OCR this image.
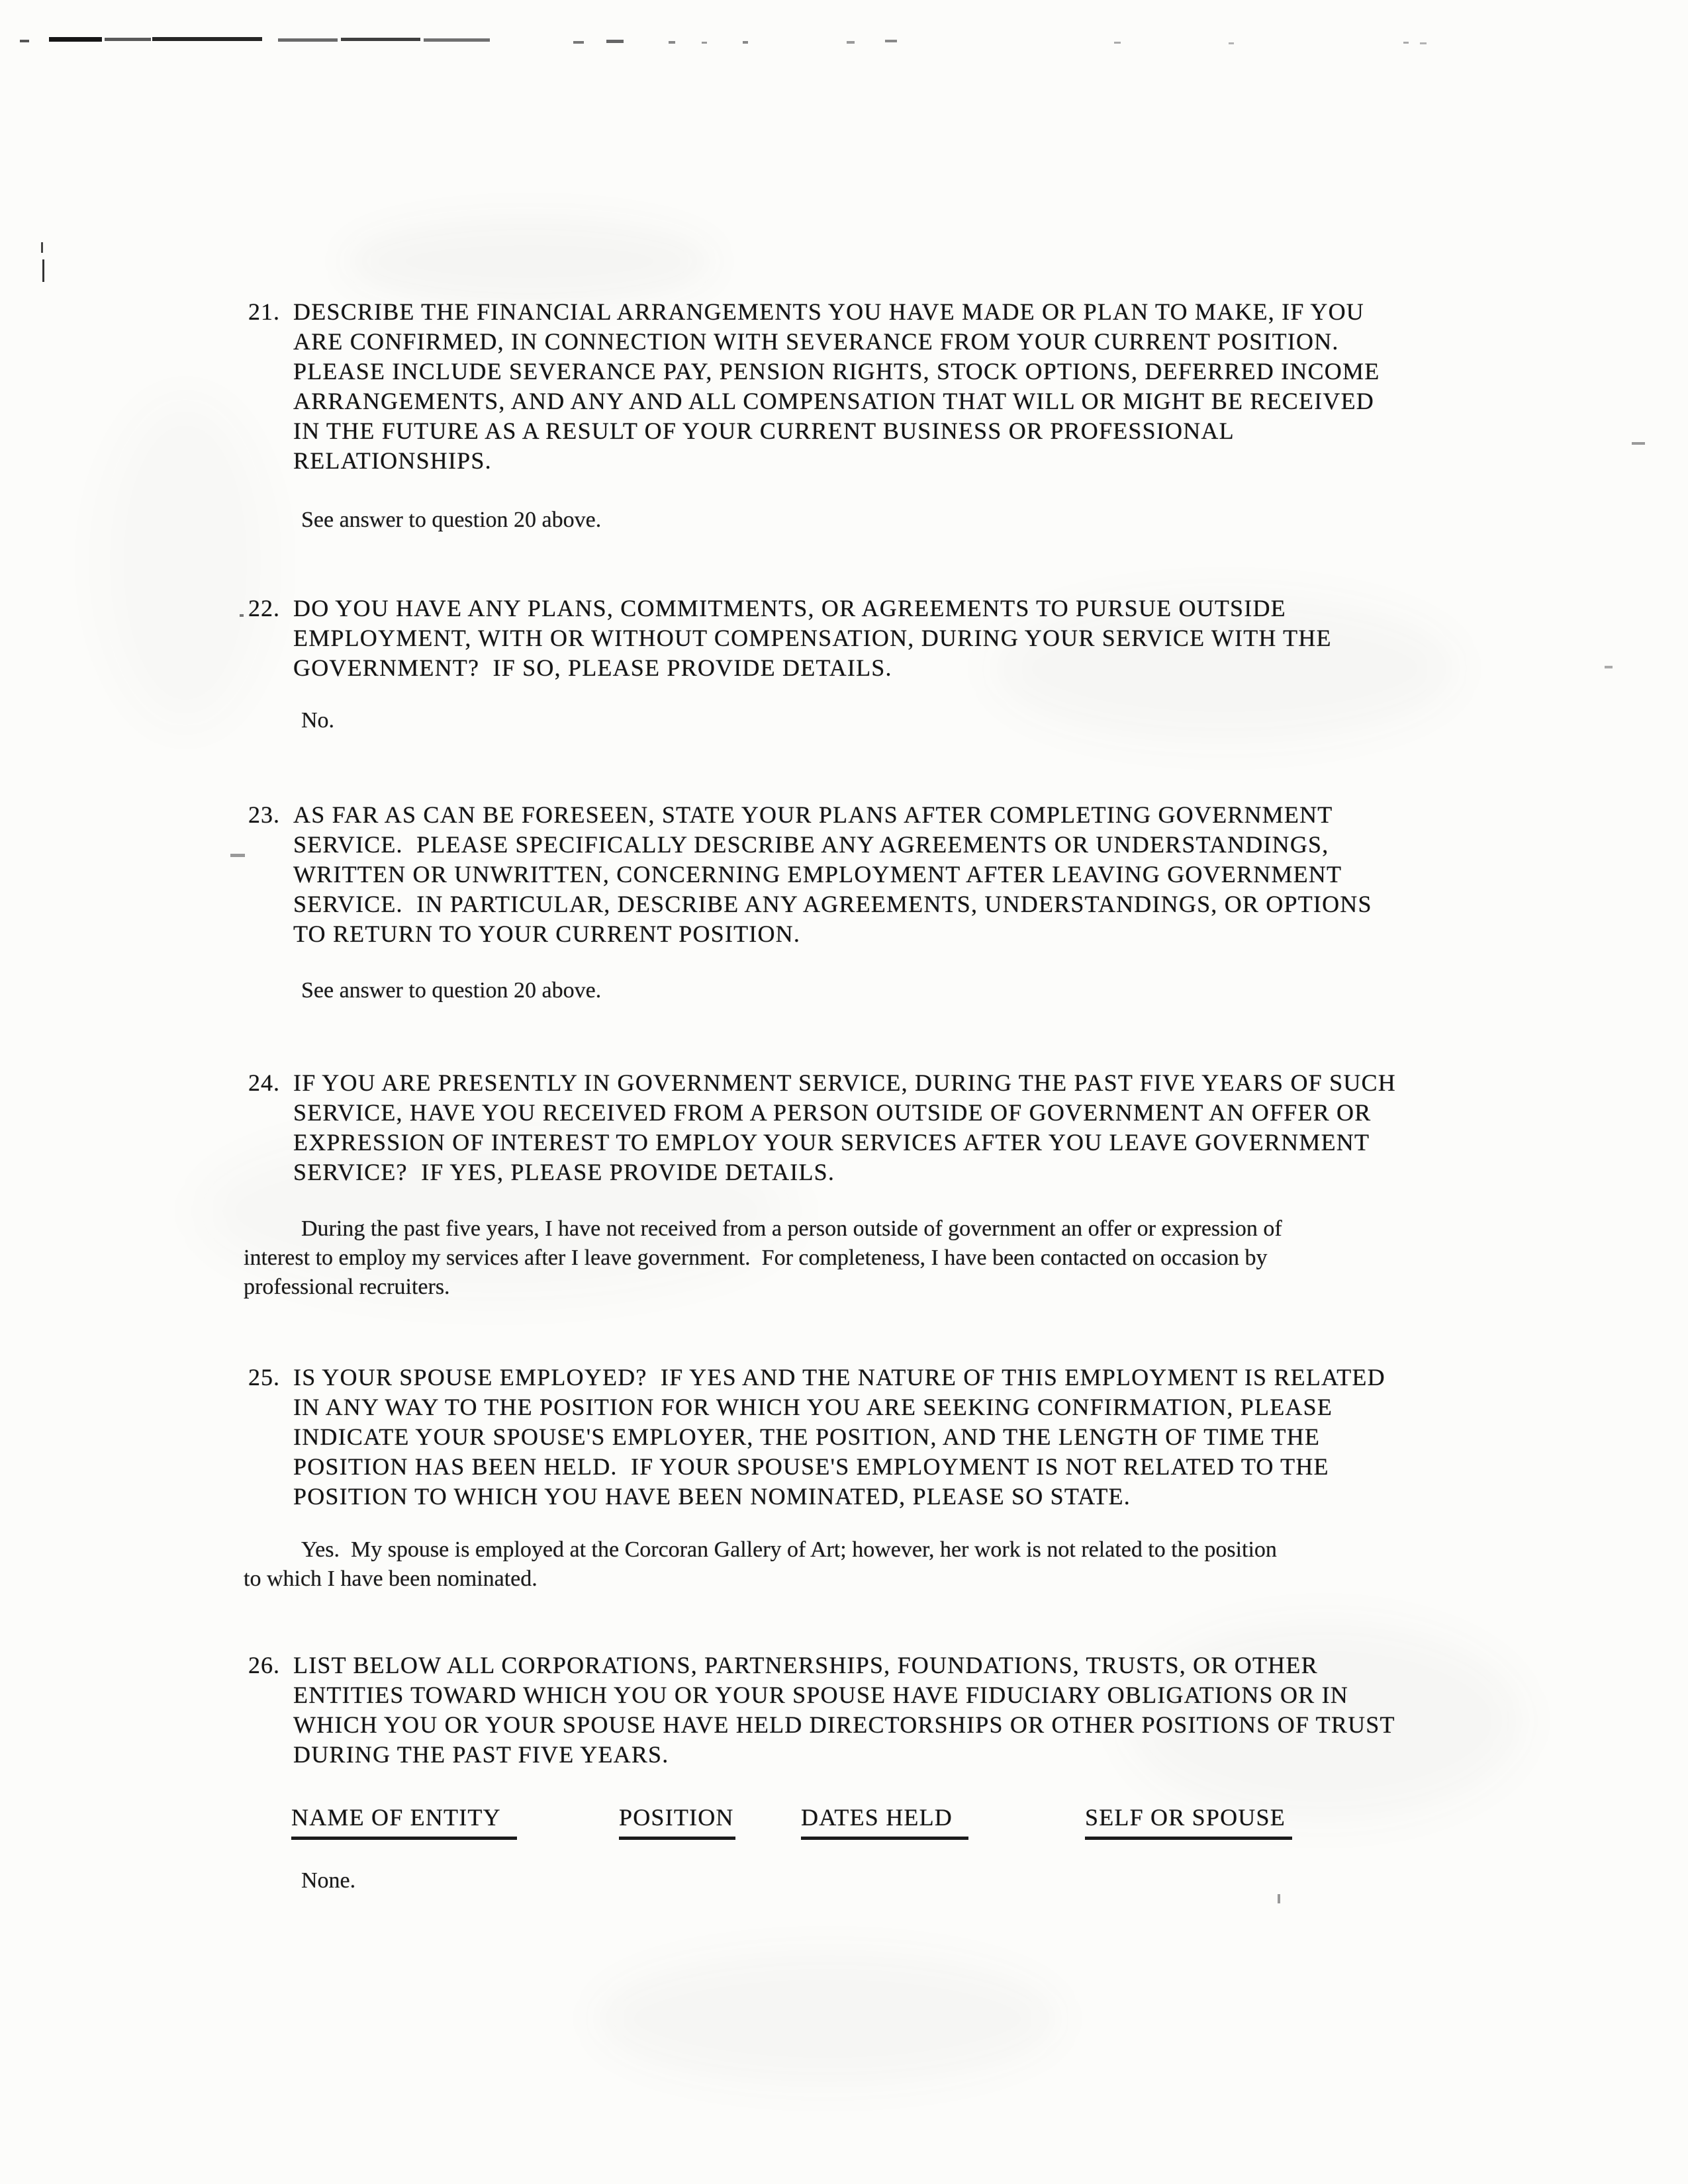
21. DESCRIBE THE FINANCIAL ARRANGEMENTS YOU HAVE MADE OR PLAN TO MAKE, IF YOU
ARE CONFIRMED, IN CONNECTION WITH SEVERANCE FROM YOUR CURRENT POSITION.
PLEASE INCLUDE SEVERANCE PAY, PENSION RIGHTS, STOCK OPTIONS, DEFERRED INCOME
ARRANGEMENTS, AND ANY AND ALL COMPENSATION THAT WILL OR MIGHT BE RECEIVED
IN THE FUTURE AS A RESULT OF YOUR CURRENT BUSINESS OR PROFESSIONAL
RELATIONSHIPS.
See answer to question 20 above.
22. DO YOU HAVE ANY PLANS, COMMITMENTS, OR AGREEMENTS TO PURSUE OUTSIDE
EMPLOYMENT, WITH OR WITHOUT COMPENSATION, DURING YOUR SERVICE WITH THE
GOVERNMENT?  IF SO, PLEASE PROVIDE DETAILS.
No.
23. AS FAR AS CAN BE FORESEEN, STATE YOUR PLANS AFTER COMPLETING GOVERNMENT
SERVICE.  PLEASE SPECIFICALLY DESCRIBE ANY AGREEMENTS OR UNDERSTANDINGS,
WRITTEN OR UNWRITTEN, CONCERNING EMPLOYMENT AFTER LEAVING GOVERNMENT
SERVICE.  IN PARTICULAR, DESCRIBE ANY AGREEMENTS, UNDERSTANDINGS, OR OPTIONS
TO RETURN TO YOUR CURRENT POSITION.
See answer to question 20 above.
24. IF YOU ARE PRESENTLY IN GOVERNMENT SERVICE, DURING THE PAST FIVE YEARS OF SUCH
SERVICE, HAVE YOU RECEIVED FROM A PERSON OUTSIDE OF GOVERNMENT AN OFFER OR
EXPRESSION OF INTEREST TO EMPLOY YOUR SERVICES AFTER YOU LEAVE GOVERNMENT
SERVICE?  IF YES, PLEASE PROVIDE DETAILS.
During the past five years, I have not received from a person outside of government an offer or expression of
interest to employ my services after I leave government.  For completeness, I have been contacted on occasion by
professional recruiters.
25. IS YOUR SPOUSE EMPLOYED?  IF YES AND THE NATURE OF THIS EMPLOYMENT IS RELATED
IN ANY WAY TO THE POSITION FOR WHICH YOU ARE SEEKING CONFIRMATION, PLEASE
INDICATE YOUR SPOUSE'S EMPLOYER, THE POSITION, AND THE LENGTH OF TIME THE
POSITION HAS BEEN HELD.  IF YOUR SPOUSE'S EMPLOYMENT IS NOT RELATED TO THE
POSITION TO WHICH YOU HAVE BEEN NOMINATED, PLEASE SO STATE.
Yes.  My spouse is employed at the Corcoran Gallery of Art; however, her work is not related to the position
to which I have been nominated.
26. LIST BELOW ALL CORPORATIONS, PARTNERSHIPS, FOUNDATIONS, TRUSTS, OR OTHER
ENTITIES TOWARD WHICH YOU OR YOUR SPOUSE HAVE FIDUCIARY OBLIGATIONS OR IN
WHICH YOU OR YOUR SPOUSE HAVE HELD DIRECTORSHIPS OR OTHER POSITIONS OF TRUST
DURING THE PAST FIVE YEARS.
NAME OF ENTITY	POSITION	DATES HELD	SELF OR SPOUSE
None.
